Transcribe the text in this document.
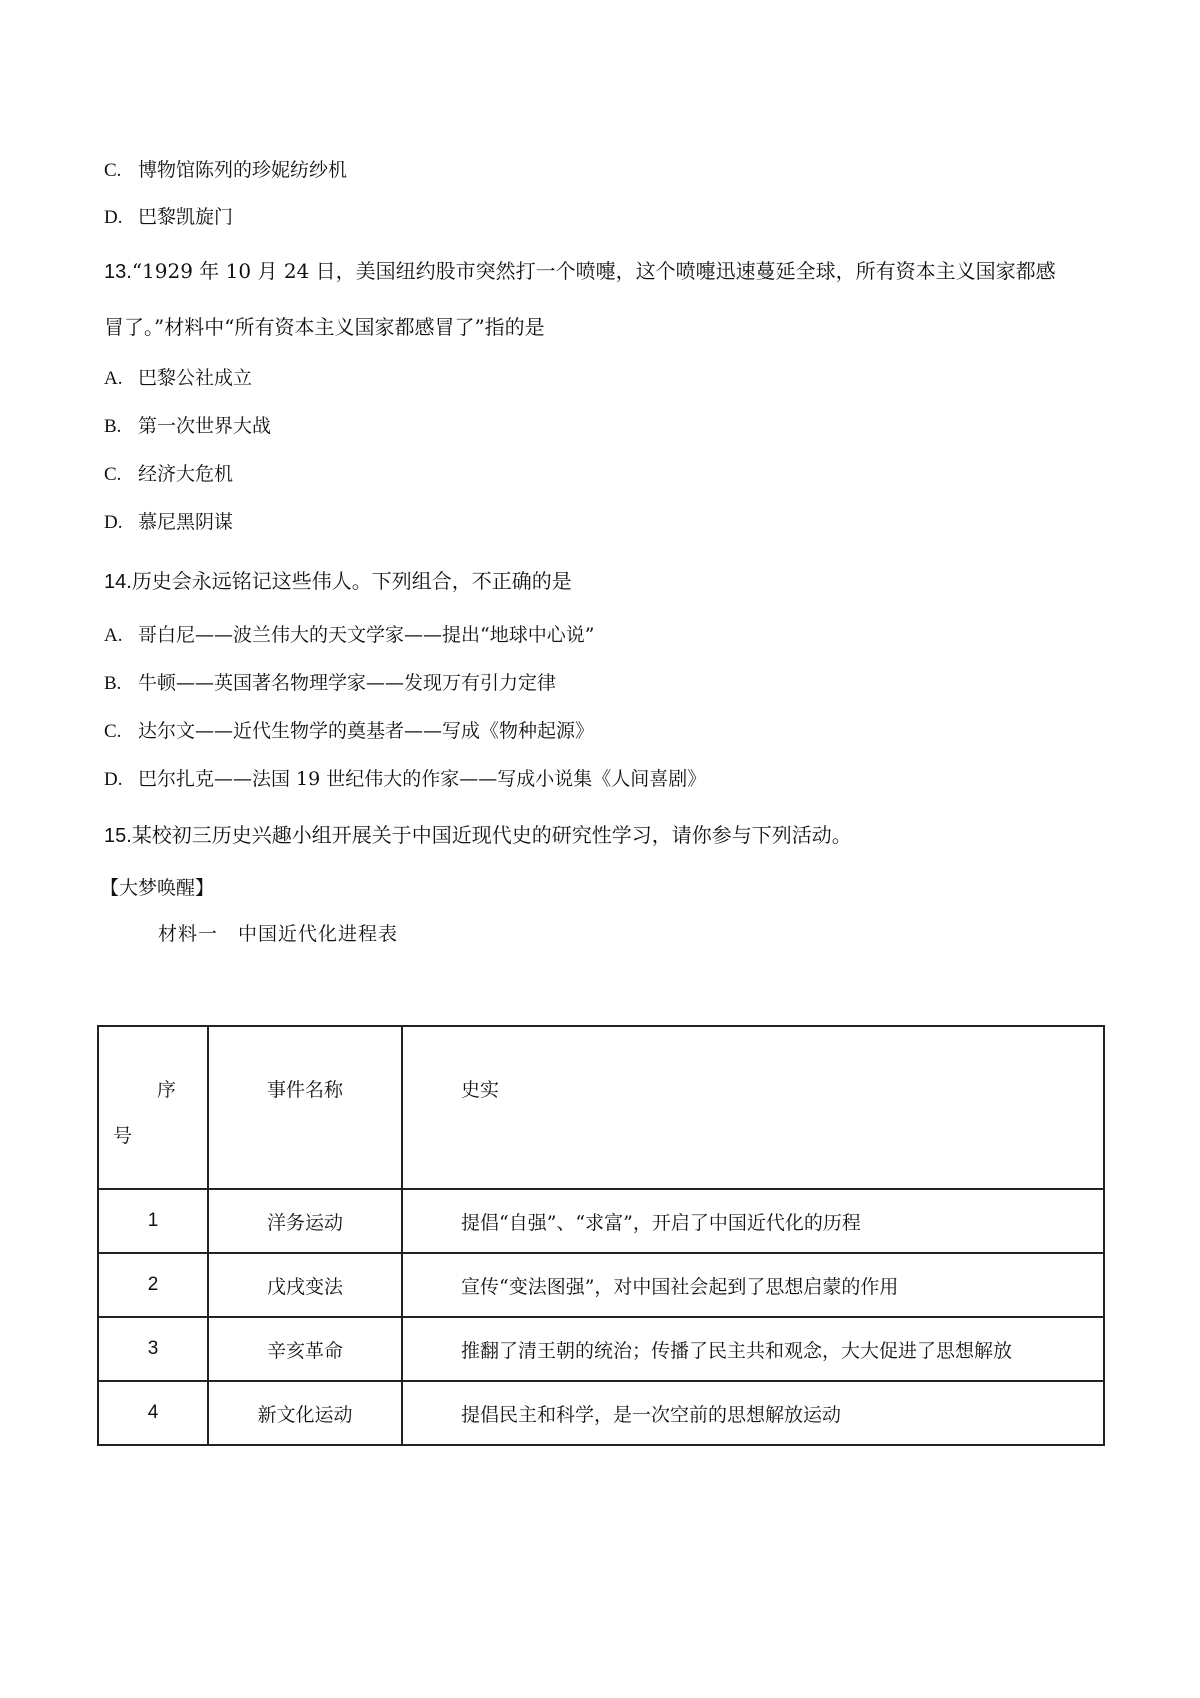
C. 博物馆陈列的珍妮纺纱机
D. 巴黎凯旋门
13.“1929 年 10 月 24 日，美国纽约股市突然打一个喷嚏，这个喷嚏迅速蔓延全球，所有资本主义国家都感
冒了。”材料中“所有资本主义国家都感冒了”指的是
A. 巴黎公社成立
B. 第一次世界大战
C. 经济大危机
D. 慕尼黑阴谋
14.历史会永远铭记这些伟人。下列组合，不正确的是
A. 哥白尼——波兰伟大的天文学家——提出“地球中心说”
B. 牛顿——英国著名物理学家——发现万有引力定律
C. 达尔文——近代生物学的奠基者——写成《物种起源》
D. 巴尔扎克——法国 19 世纪伟大的作家——写成小说集《人间喜剧》
15.某校初三历史兴趣小组开展关于中国近现代史的研究性学习，请你参与下列活动。
【大梦唤醒】
材料一　中国近代化进程表
序
号	事件名称	史实
1	洋务运动	提倡“自强”、“求富”，开启了中国近代化的历程
2	戊戌变法	宣传“变法图强”，对中国社会起到了思想启蒙的作用
3	辛亥革命	推翻了清王朝的统治；传播了民主共和观念，大大促进了思想解放
4	新文化运动	提倡民主和科学，是一次空前的思想解放运动
